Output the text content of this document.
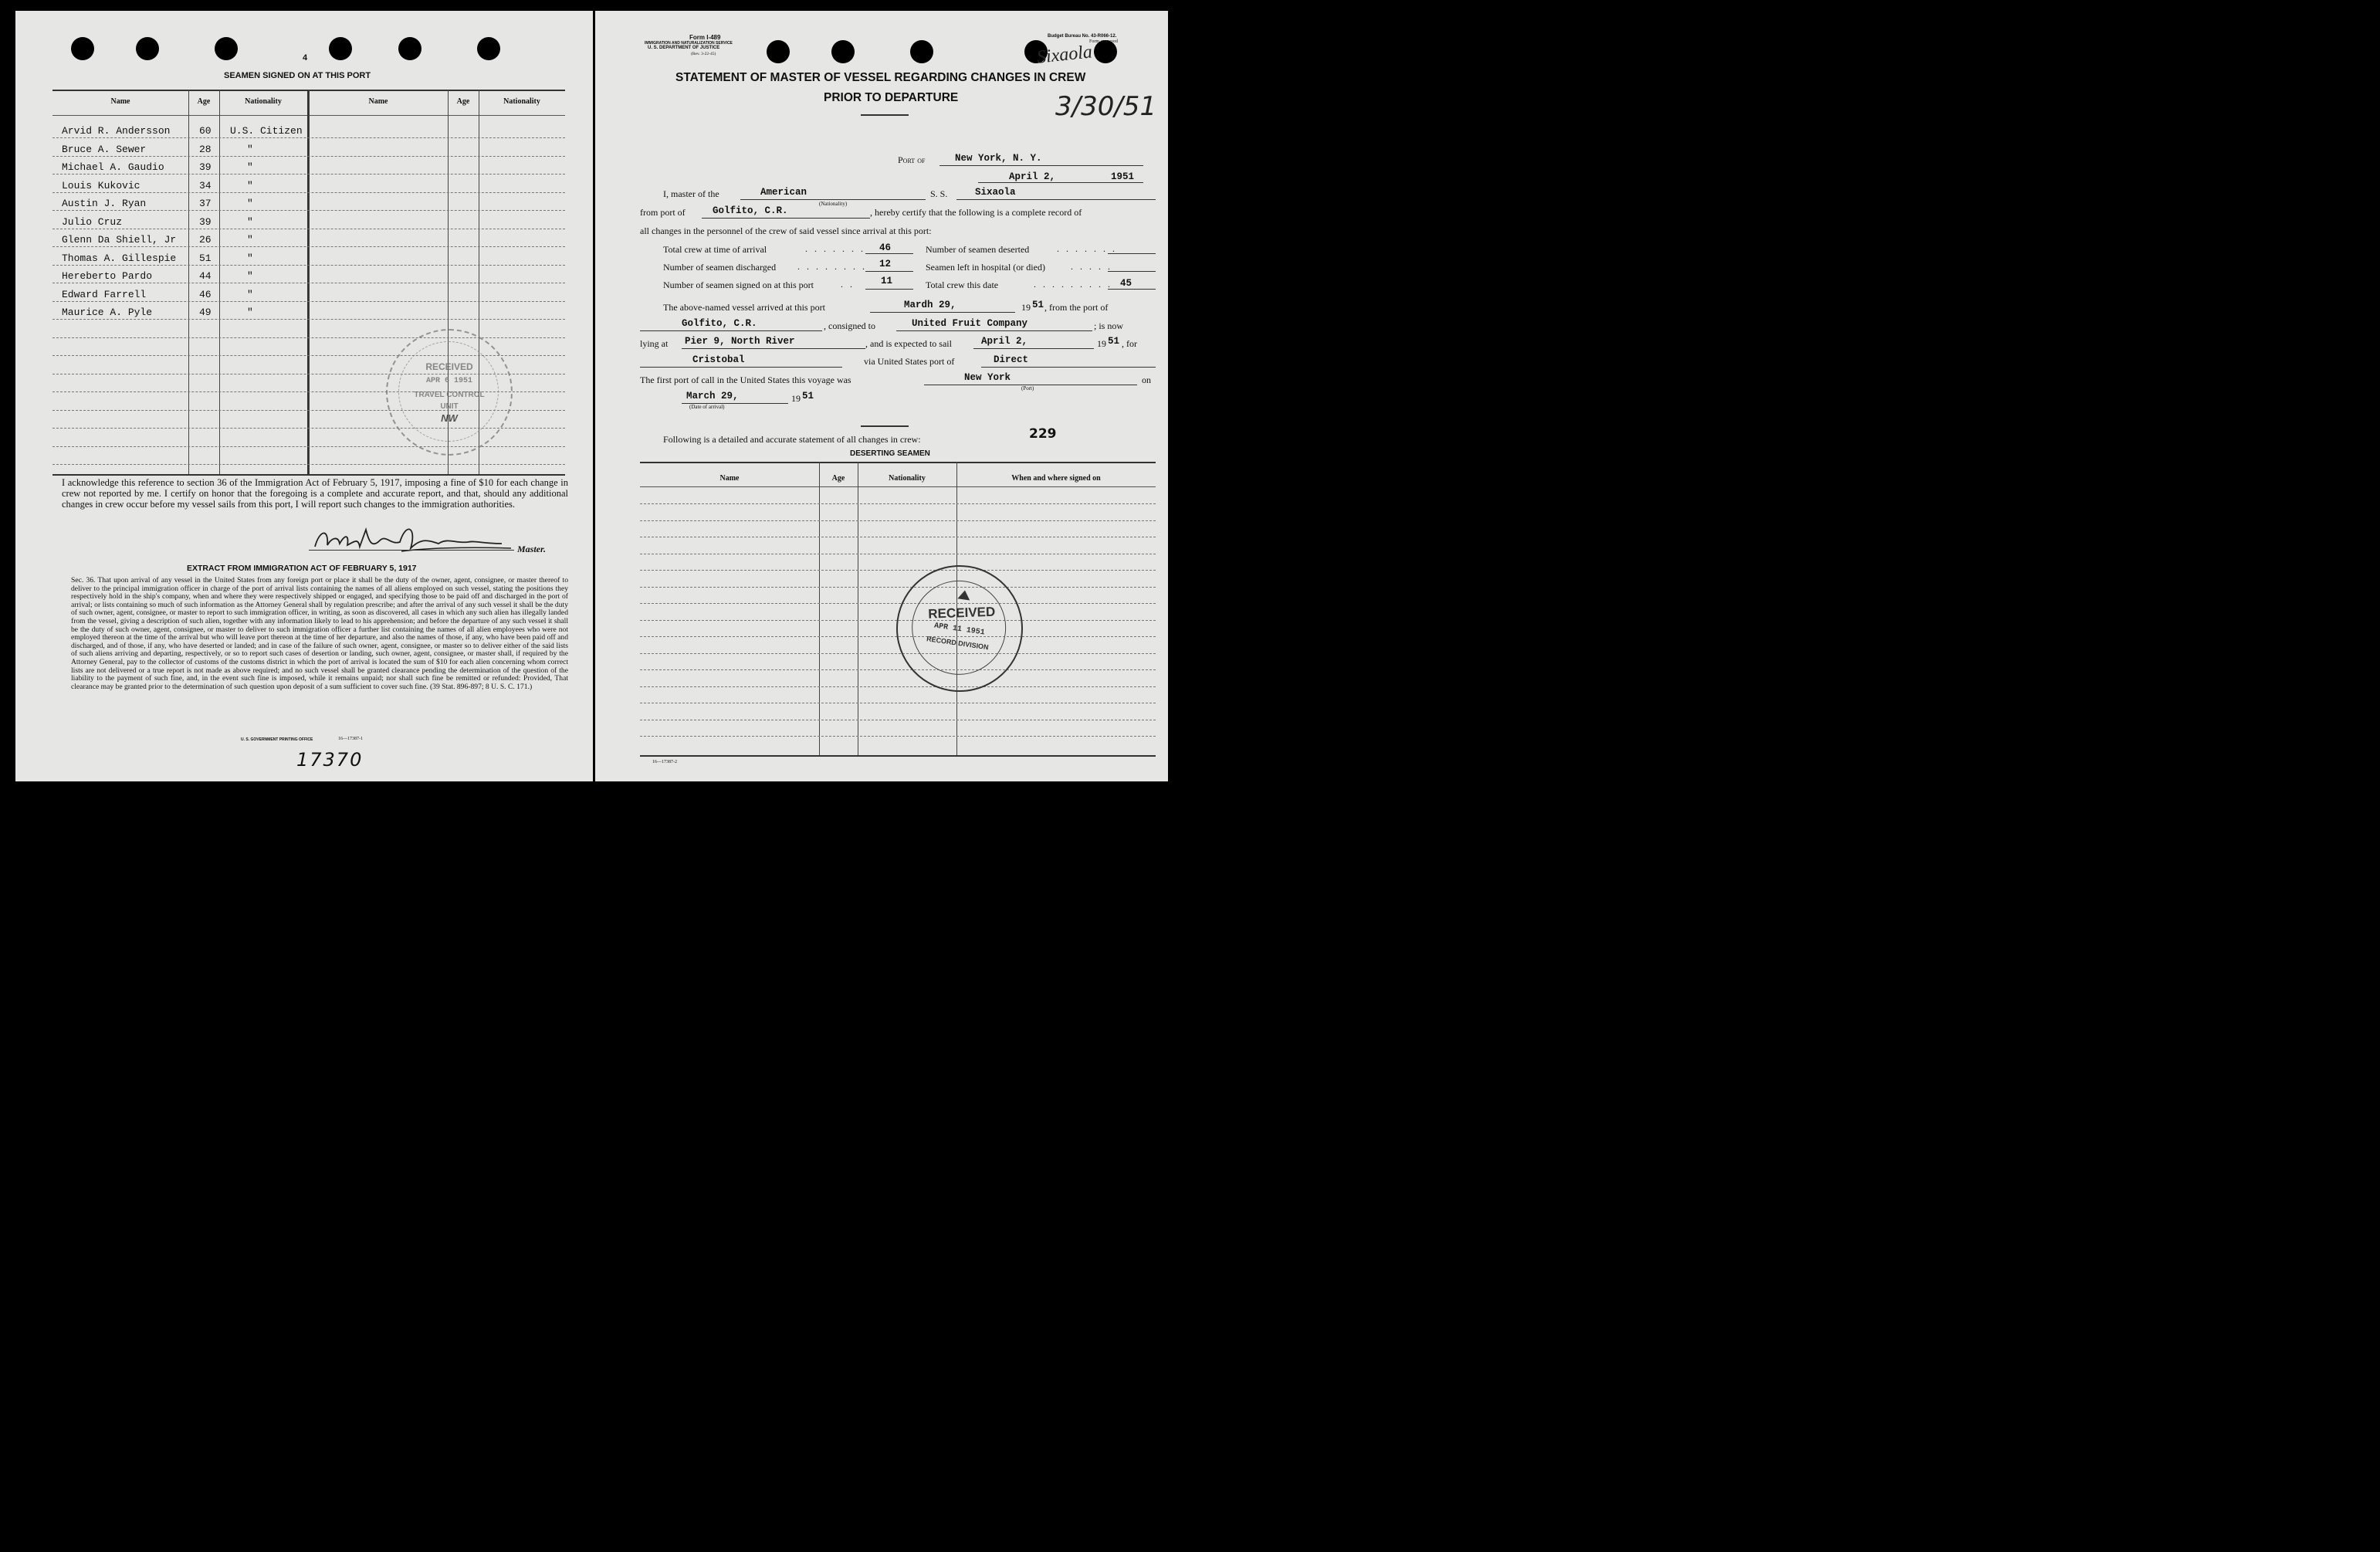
4
SEAMEN SIGNED ON AT THIS PORT
Name	Age	Nationality	Name	Age	Nationality
Arvid R. Andersson	60 U.S. Citizen
Bruce A. Sewer	28	"
Michael A. Gaudio	39	"
Louis Kukovic	34	"
Austin J. Ryan	37	"
Julio Cruz	39	"
Glenn Da Shiell, Jr 26	"
Thomas A. Gillespie 51	"
Hereberto Pardo	44	"
Edward Farrell	46	"
Maurice A. Pyle	49	"
I acknowledge this reference to section 36 of the Immigration Act of February 5, 1917, imposing a fine of $10 for each change in crew not reported by me. I certify on honor that the foregoing is a complete and accurate report, and that, should any additional changes in crew occur before my vessel sails from this port, I will report such changes to the immigration authorities.
Master.
EXTRACT FROM IMMIGRATION ACT OF FEBRUARY 5, 1917
Sec. 36. That upon arrival of any vessel in the United States from any foreign port or place it shall be the duty of the owner, agent, consignee, or master thereof to deliver to the principal immigration officer in charge of the port of arrival lists containing the names of all aliens employed on such vessel, stating the positions they respectively hold in the ship's company, when and where they were respectively shipped or engaged, and specifying those to be paid off and discharged in the port of arrival; or lists containing so much of such information as the Attorney General shall by regulation prescribe; and after the arrival of any such vessel it shall be the duty of such owner, agent, consignee, or master to report to such immigration officer, in writing, as soon as discovered, all cases in which any such alien has illegally landed from the vessel, giving a description of such alien, together with any information likely to lead to his apprehension; and before the departure of any such vessel it shall be the duty of such owner, agent, consignee, or master to deliver to such immigration officer a further list containing the names of all alien employees who were not employed thereon at the time of the arrival but who will leave port thereon at the time of her departure, and also the names of those, if any, who have been paid off and discharged, and of those, if any, who have deserted or landed; and in case of the failure of such owner, agent, consignee, or master so to deliver either of the said lists of such aliens arriving and departing, respectively, or so to report such cases of desertion or landing, such owner, agent, consignee, or master shall, if required by the Attorney General, pay to the collector of customs of the customs district in which the port of arrival is located the sum of $10 for each alien concerning whom correct lists are not delivered or a true report is not made as above required; and no such vessel shall be granted clearance pending the determination of the question of the liability to the payment of such fine, and, in the event such fine is imposed, while it remains unpaid; nor shall such fine be remitted or refunded: Provided, That clearance may be granted prior to the determination of such question upon deposit of a sum sufficient to cover such fine. (39 Stat. 896-897; 8 U. S. C. 171.)
U. S. GOVERNMENT PRINTING OFFICE	16—17387-1
17370
RECEIVED
APR 6 1951
TRAVEL CONTROL
UNIT
NW
Form I-489
IMMIGRATION AND NATURALIZATION SERVICE
U. S. DEPARTMENT OF JUSTICE
(Rev. 3-22-45)
Budget Bureau No. 43-R066-12.
Form approved
Sixaola
3/30/51
STATEMENT OF MASTER OF VESSEL REGARDING CHANGES IN CREW
PRIOR TO DEPARTURE
Port of	New York, N. Y.
April 2,	1951
I, master of the	American
(Nationality)
S. S.	Sixaola
from port of	Golfito, C.R.	, hereby certify that the following is a complete record of
all changes in the personnel of the crew of said vessel since arrival at this port:
Total crew at time of arrival	. . . . . . . 46	Number of seamen deserted	. . . . . . .
Number of seamen discharged . . . . . . . . 12	Seamen left in hospital (or died)	. . . . .
Number of seamen signed on at this port	. .	11	Total crew this date	. . . . . . . . . 45
The above-named vessel arrived at this port	Mardh 29,	19 51 , from the port of
Golfito, C.R.	, consigned to	United Fruit Company	; is now
lying at Pier 9, North River	, and is expected to sail	April 2,	19 51 , for
Cristobal	via United States port of	Direct
The first port of call in the United States this voyage was	New York
(Port)
on
March 29,
(Date of arrival)
19 51
Following is a detailed and accurate statement of all changes in crew:	229
DESERTING SEAMEN
Name	Age	Nationality	When and where signed on
16—17387-2
RECEIVED
APR 11 1951
RECORD DIVISION
